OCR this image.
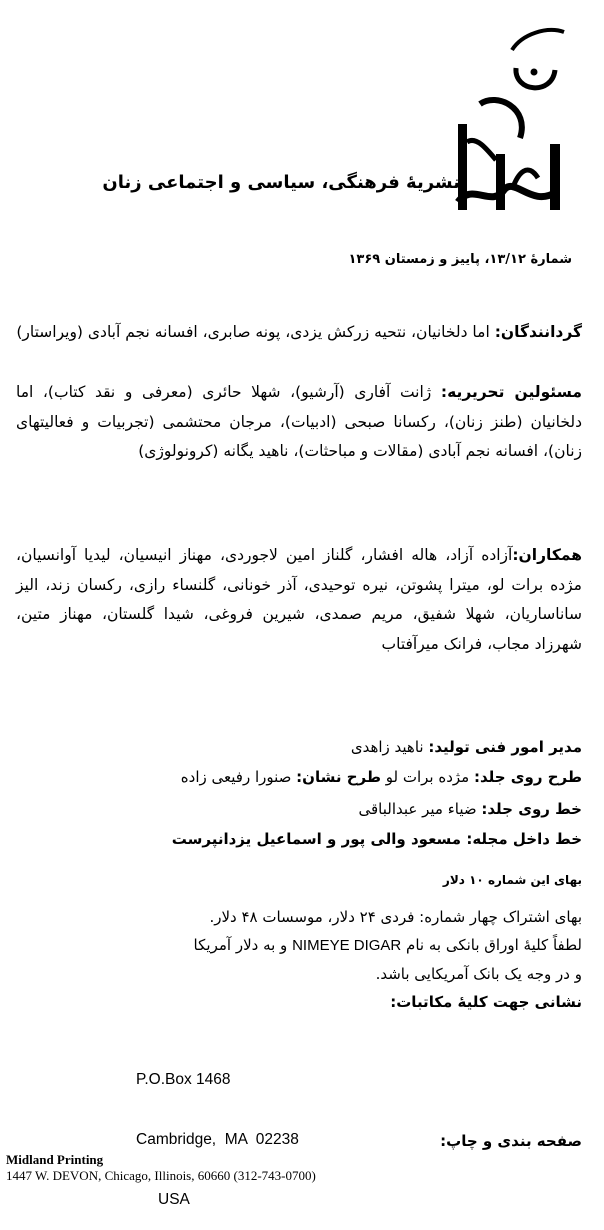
نشریهٔ فرهنگی، سیاسی و اجتماعی زنان
شمارهٔ ۱۳/۱۲، پاییز و زمستان ۱۳۶۹
گردانندگان: اما دلخانیان، نتحیه زرکش یزدی، پونه صابری، افسانه نجم آبادی (ویراستار)
مسئولین تحریریه: ژانت آفاری (آرشیو)، شهلا حائری (معرفی و نقد کتاب)، اما دلخانیان (طنز زنان)، رکسانا صبحی (ادبیات)، مرجان محتشمی (تجربیات و فعالیتهای زنان)، افسانه نجم آبادی (مقالات و مباحثات)، ناهید یگانه (کرونولوژی)
همکاران:آزاده آزاد، هاله افشار، گلناز امین لاجوردی، مهناز انیسیان، لیدیا آوانسیان، مژده برات لو، میترا پشوتن، نیره توحیدی، آذر خونانی، گلنساء رازی، رکسان زند، الیز ساناساریان، شهلا شفیق، مریم صمدی، شیرین فروغی، شیدا گلستان، مهناز متین، شهرزاد مجاب، فرانک میرآفتاب
مدیر امور فنی تولید: ناهید زاهدی
طرح روی جلد: مژده برات لو طرح نشان: صنورا رفیعی زاده
خط روی جلد: ضیاء میر عبدالباقی
خط داخل مجله: مسعود والی پور و اسماعیل یزدانپرست
بهای این شماره ۱۰ دلار
بهای اشتراک چهار شماره: فردی ۲۴ دلار، موسسات ۴۸ دلار.
لطفاً کلیهٔ اوراق بانکی به نام NIMEYE DIGAR و به دلار آمریکا
و در وجه یک بانک آمریکایی باشد.
نشانی جهت کلیهٔ مکاتبات:

P.O.Box 1468

Cambridge,  MA  02238

USA

صفحه بندی و چاپ:
Midland Printing
1447 W. DEVON, Chicago, Illinois, 60660 (312-743-0700)
